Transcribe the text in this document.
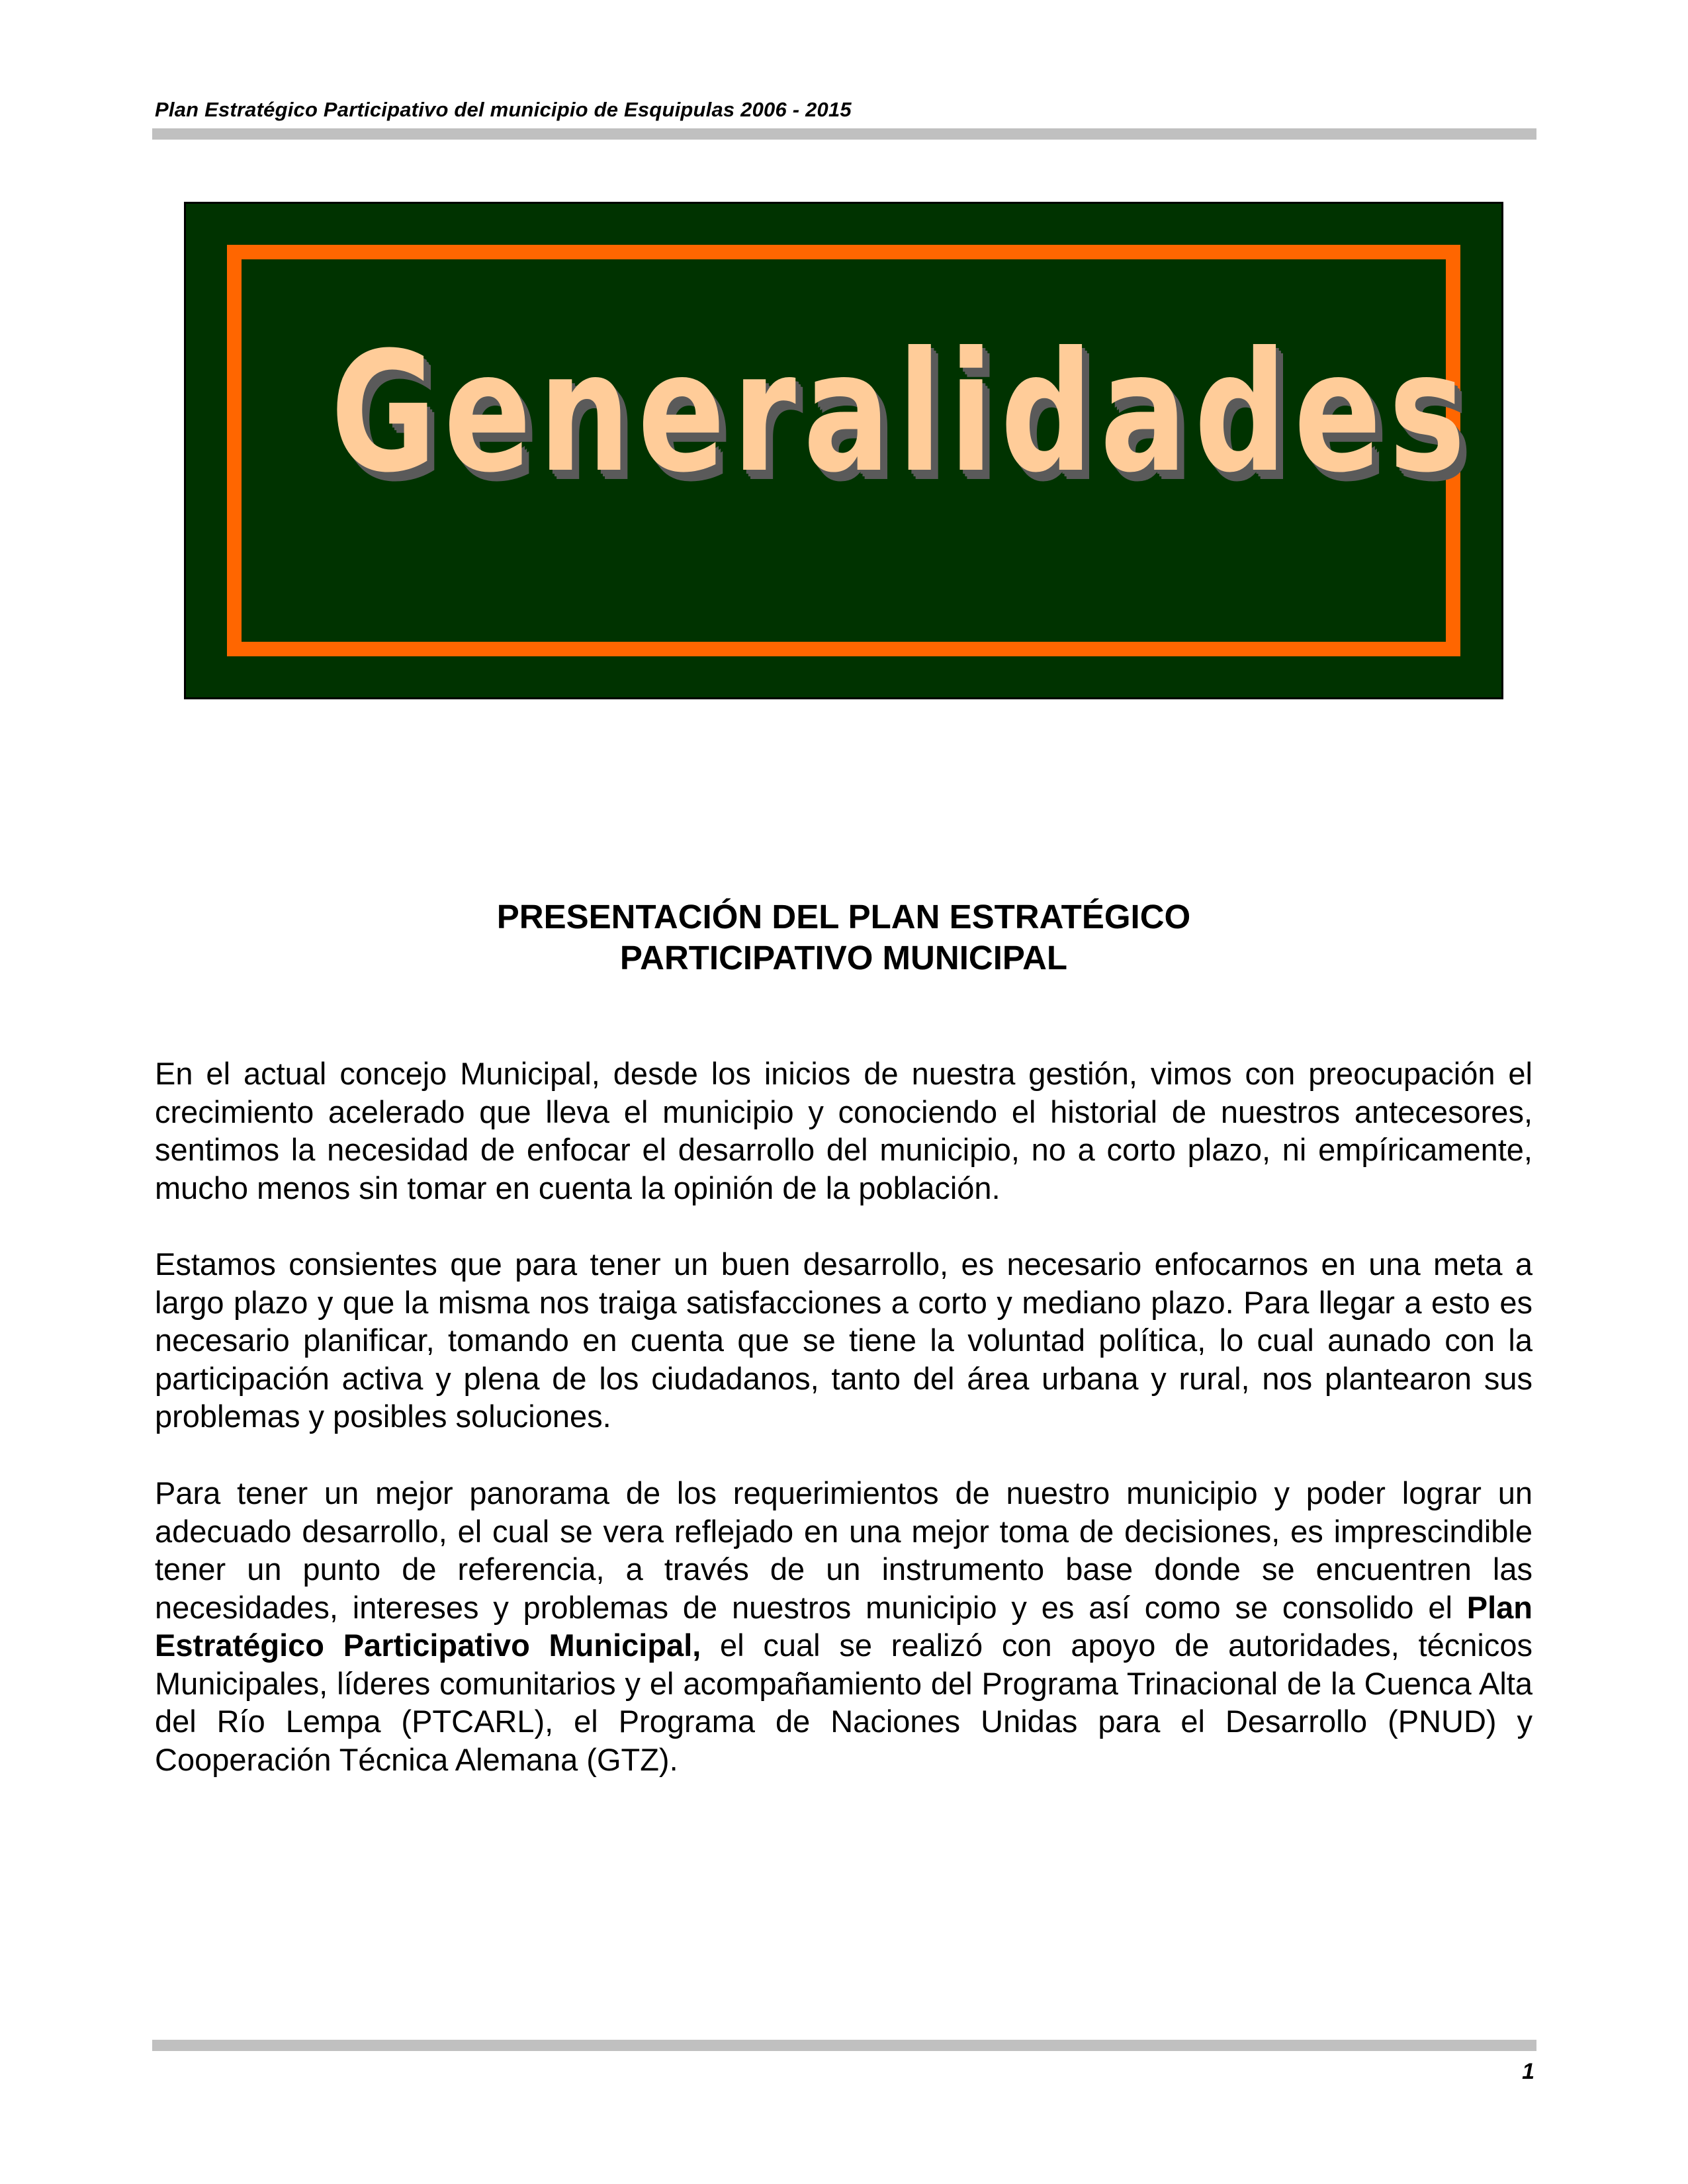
Plan Estratégico Participativo del municipio de Esquipulas 2006 - 2015
Generalidades
PRESENTACIÓN DEL PLAN ESTRATÉGICO
PARTICIPATIVO MUNICIPAL

En el actual concejo Municipal, desde los inicios de nuestra gestión, vimos con preocupación el crecimiento acelerado que lleva el municipio y conociendo el historial de nuestros antecesores, sentimos la necesidad de enfocar el desarrollo del municipio, no a corto plazo, ni empíricamente, mucho menos sin tomar en cuenta la opinión de la población.

Estamos consientes que para tener un buen desarrollo, es necesario enfocarnos en una meta a largo plazo y que la misma nos traiga satisfacciones a corto y mediano plazo. Para llegar a esto es necesario planificar, tomando en cuenta que se tiene la voluntad política, lo cual aunado con la participación activa y plena de los ciudadanos, tanto del área urbana y rural, nos plantearon sus problemas y posibles soluciones.

Para tener un mejor panorama de los requerimientos de nuestro municipio y poder lograr un adecuado desarrollo, el cual se vera reflejado en una mejor toma de decisiones, es imprescindible tener un punto de referencia, a través de un instrumento base donde se encuentren las necesidades, intereses y problemas de nuestros municipio y es así como se consolido el Plan Estratégico Participativo Municipal, el cual se realizó con apoyo de autoridades, técnicos Municipales, líderes comunitarios y el acompañamiento del Programa Trinacional de la Cuenca Alta del Río Lempa (PTCARL), el Programa de Naciones Unidas para el Desarrollo (PNUD) y Cooperación Técnica Alemana (GTZ).

1
